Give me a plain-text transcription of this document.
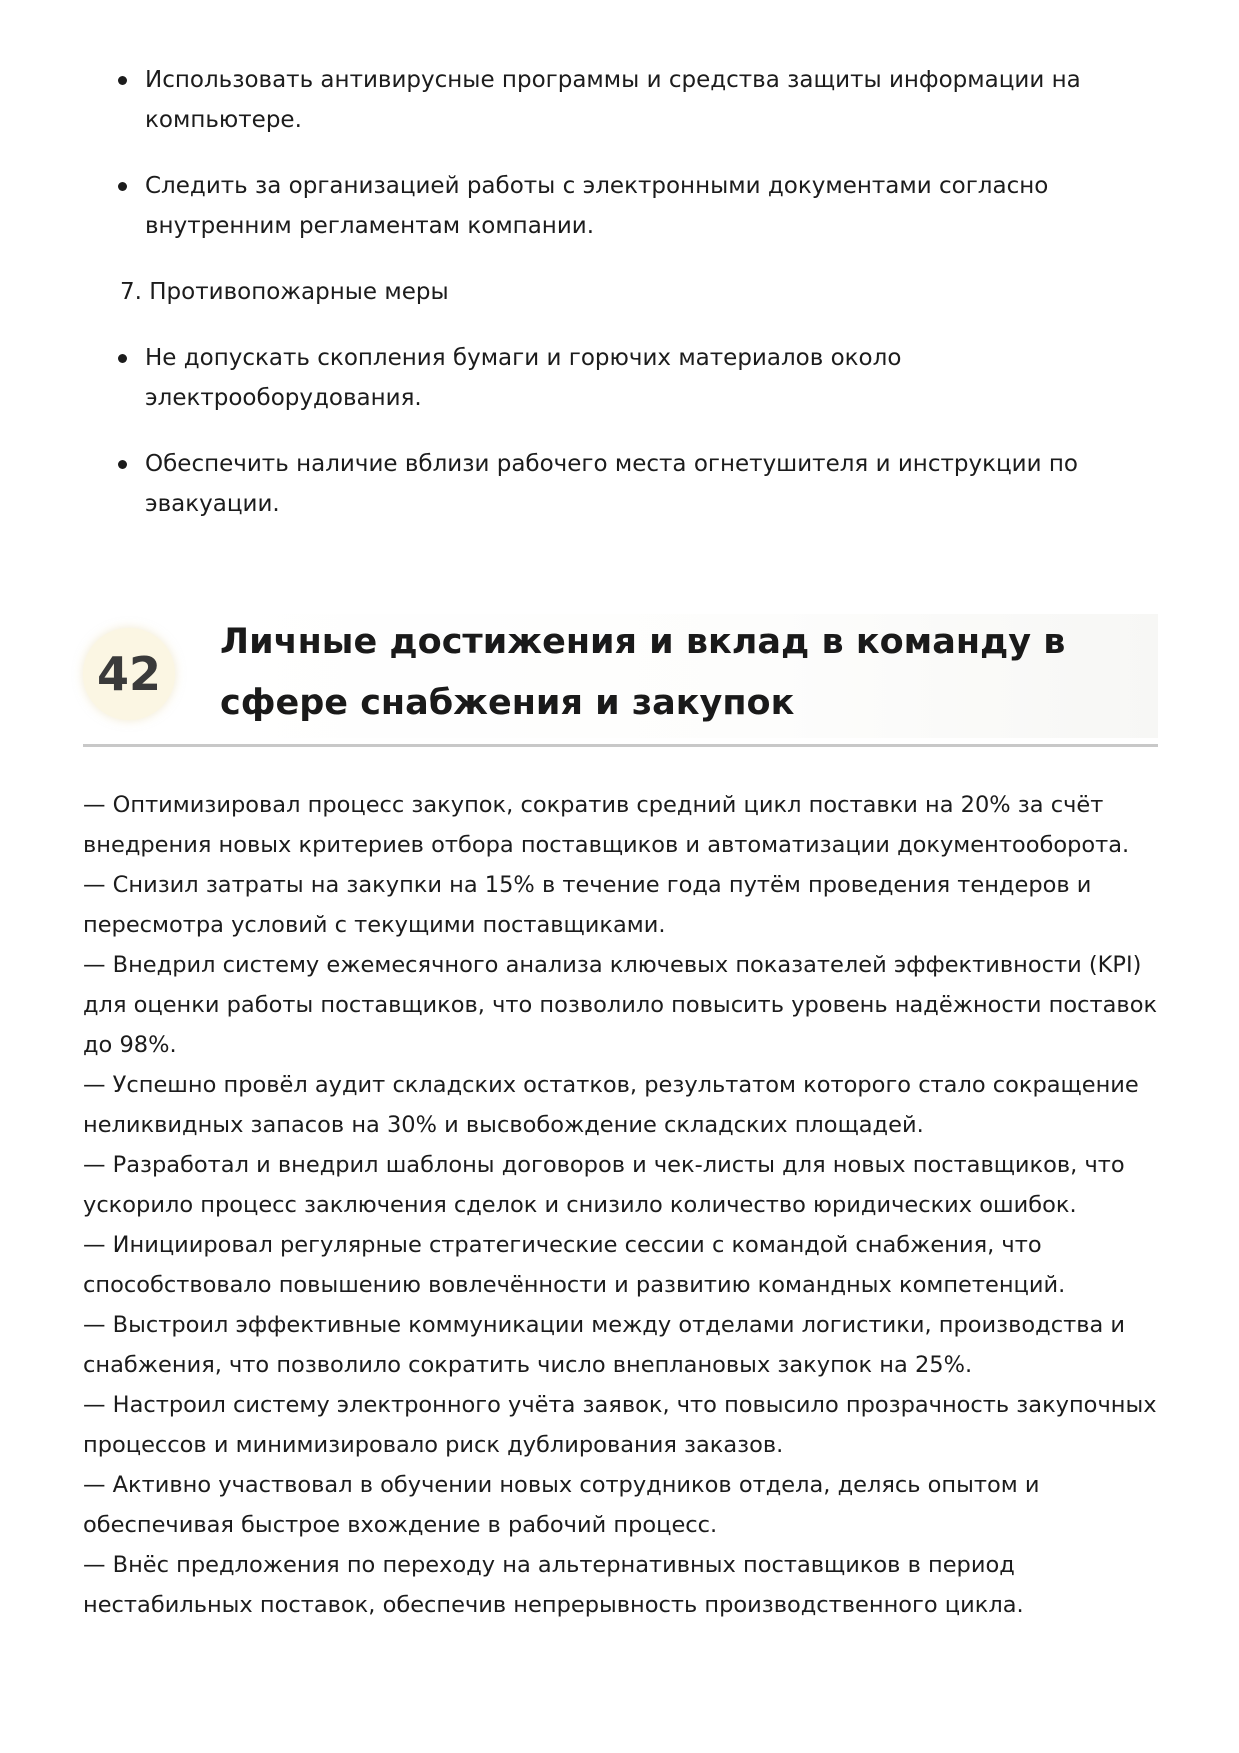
Использовать антивирусные программы и средства защиты информации на компьютере.
Следить за организацией работы с электронными документами согласно внутренним регламентам компании.
7. Противопожарные меры
Не допускать скопления бумаги и горючих материалов около электрооборудования.
Обеспечить наличие вблизи рабочего места огнетушителя и инструкции по эвакуации.
42
Личные достижения и вклад в команду в сфере снабжения и закупок

— Оптимизировал процесс закупок, сократив средний цикл поставки на 20% за счёт внедрения новых критериев отбора поставщиков и автоматизации документооборота.

— Снизил затраты на закупки на 15% в течение года путём проведения тендеров и пересмотра условий с текущими поставщиками.

— Внедрил систему ежемесячного анализа ключевых показателей эффективности (KPI) для оценки работы поставщиков, что позволило повысить уровень надёжности поставок до 98%.

— Успешно провёл аудит складских остатков, результатом которого стало сокращение неликвидных запасов на 30% и высвобождение складских площадей.

— Разработал и внедрил шаблоны договоров и чек-листы для новых поставщиков, что ускорило процесс заключения сделок и снизило количество юридических ошибок.

— Инициировал регулярные стратегические сессии с командой снабжения, что способствовало повышению вовлечённости и развитию командных компетенций.

— Выстроил эффективные коммуникации между отделами логистики, производства и снабжения, что позволило сократить число внеплановых закупок на 25%.

— Настроил систему электронного учёта заявок, что повысило прозрачность закупочных процессов и минимизировало риск дублирования заказов.

— Активно участвовал в обучении новых сотрудников отдела, делясь опытом и обеспечивая быстрое вхождение в рабочий процесс.

— Внёс предложения по переходу на альтернативных поставщиков в период нестабильных поставок, обеспечив непрерывность производственного цикла.
